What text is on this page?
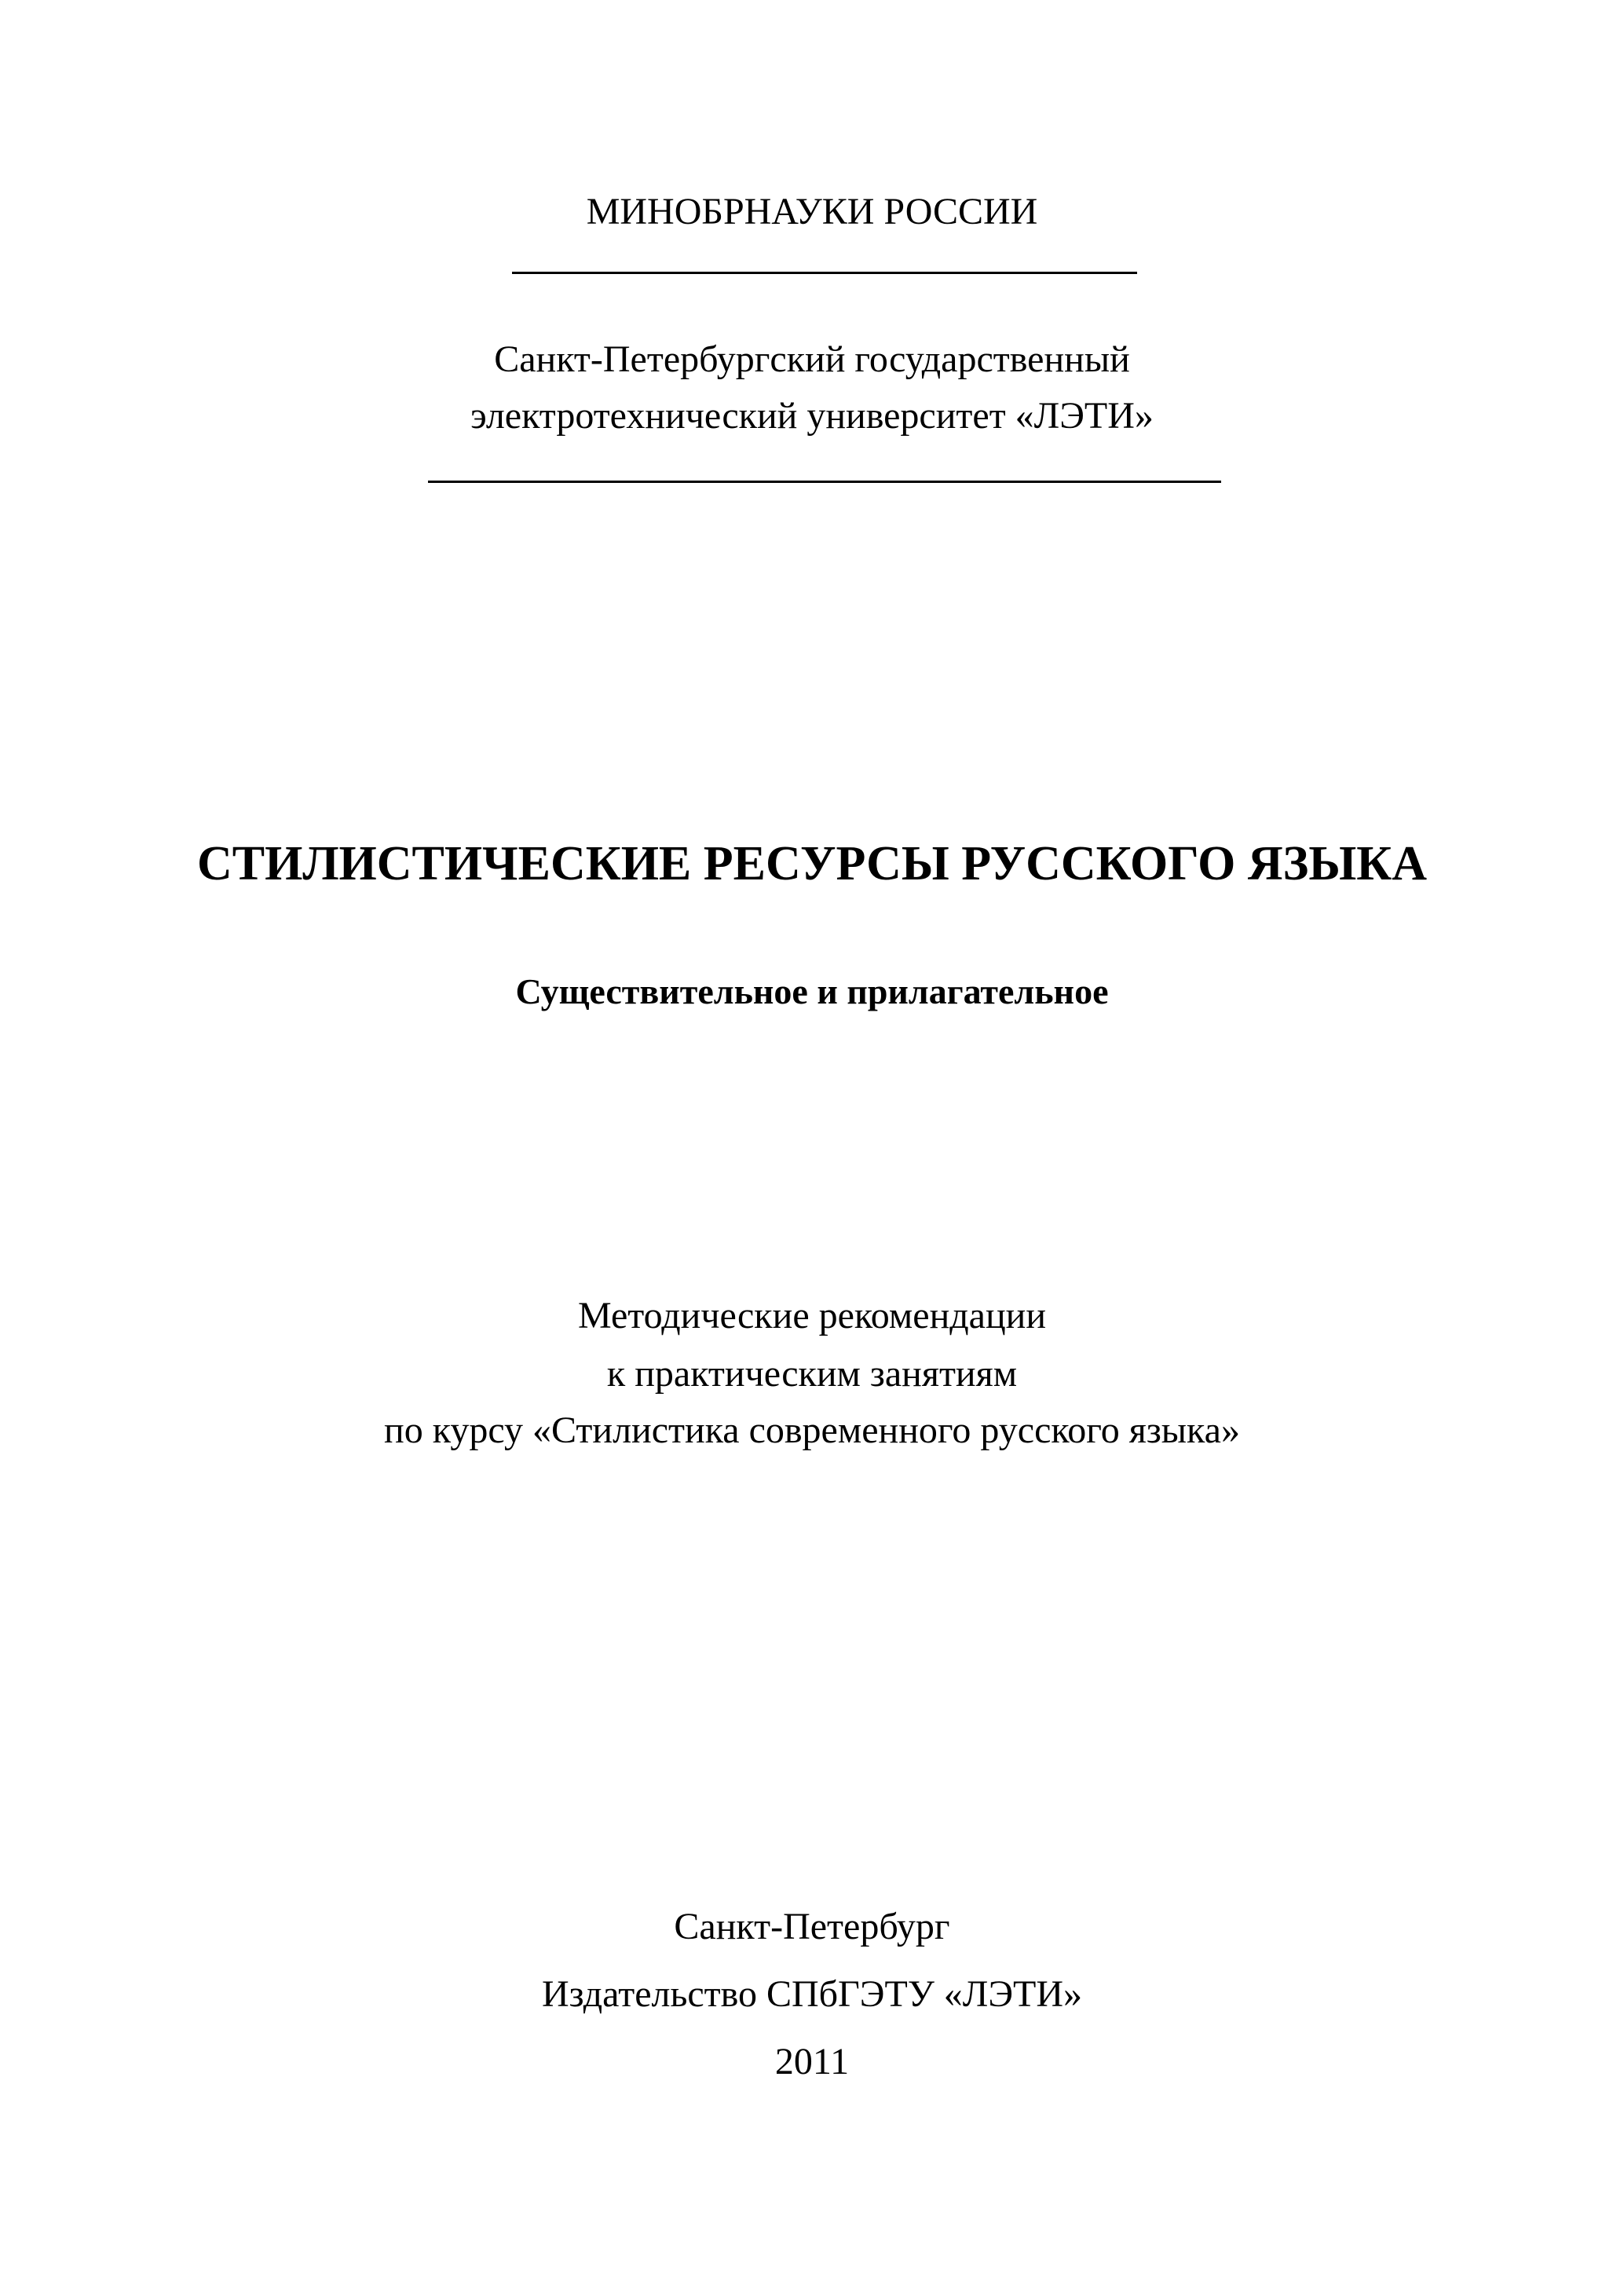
МИНОБРНАУКИ РОССИИ
Санкт-Петербургский государственный
электротехнический университет «ЛЭТИ»
СТИЛИСТИЧЕСКИЕ РЕСУРСЫ РУССКОГО ЯЗЫКА
Существительное и прилагательное
Методические рекомендации
к практическим занятиям
по курсу «Стилистика современного русского языка»
Санкт-Петербург
Издательство СПбГЭТУ «ЛЭТИ»
2011
